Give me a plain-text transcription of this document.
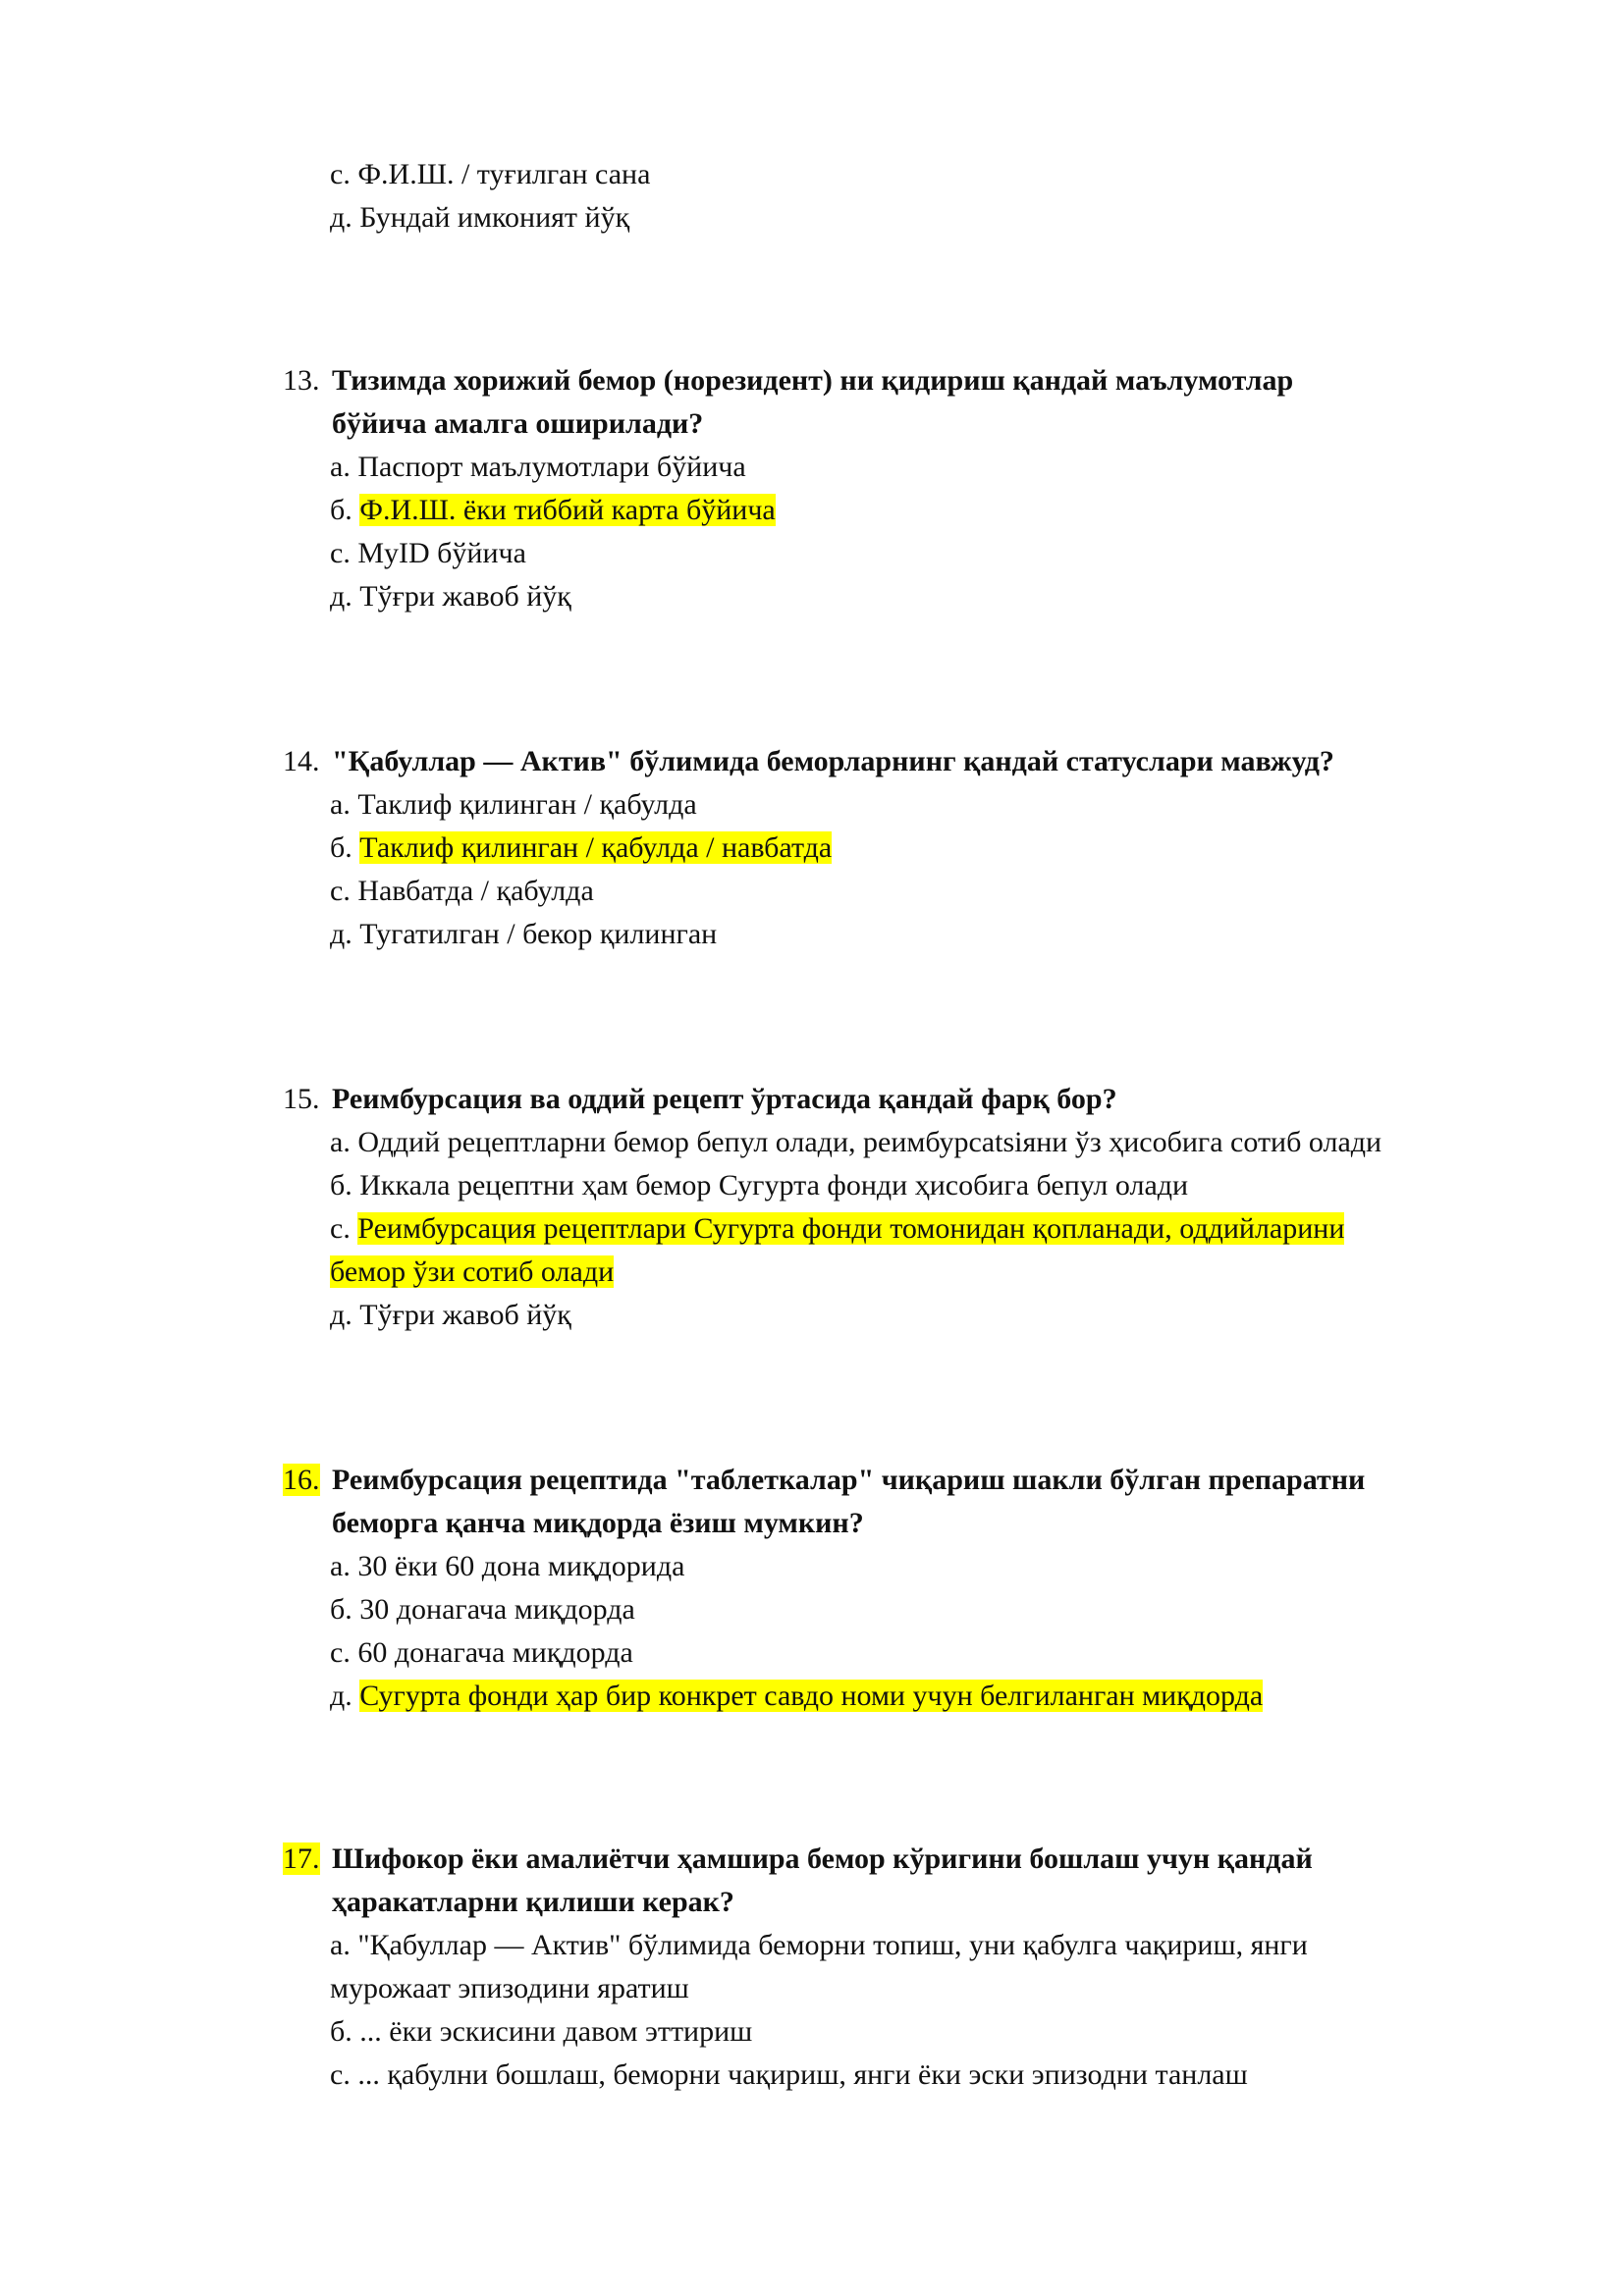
с. Ф.И.Ш. / туғилган сана
д. Бундай имконият йўқ
13. Тизимда хорижий бемор (норезидент) ни қидириш қандай маълумотлар
бўйича амалга оширилади?
а. Паспорт маълумотлари бўйича
б. Ф.И.Ш. ёки тиббий карта бўйича
с. MyID бўйича
д. Тўғри жавоб йўқ
14. "Қабуллар — Актив" бўлимида беморларнинг қандай статуслари мавжуд?
а. Таклиф қилинган / қабулда
б. Таклиф қилинган / қабулда / навбатда
с. Навбатда / қабулда
д. Тугатилган / бекор қилинган
15. Реимбурсация ва оддий рецепт ўртасида қандай фарқ бор?
а. Оддий рецептларни бемор бепул олади, реимбурсatsiяни ўз ҳисобига сотиб олади
б. Иккала рецептни ҳам бемор Сугурта фонди ҳисобига бепул олади
с. Реимбурсация рецептлари Сугурта фонди томонидан қопланади, оддийларини
бемор ўзи сотиб олади
д. Тўғри жавоб йўқ
16. Реимбурсация рецептида "таблеткалар" чиқариш шакли бўлган препаратни
беморга қанча миқдорда ёзиш мумкин?
а. 30 ёки 60 дона миқдорида
б. 30 донагача миқдорда
с. 60 донагача миқдорда
д. Сугурта фонди ҳар бир конкрет савдо номи учун белгиланган миқдорда
17. Шифокор ёки амалиётчи ҳамшира бемор кўригини бошлаш учун қандай
ҳаракатларни қилиши керак?
а. "Қабуллар — Актив" бўлимида беморни топиш, уни қабулга чақириш, янги
мурожаат эпизодини яратиш
б. ... ёки эскисини давом эттириш
с. ... қабулни бошлаш, беморни чақириш, янги ёки эски эпизодни танлаш
